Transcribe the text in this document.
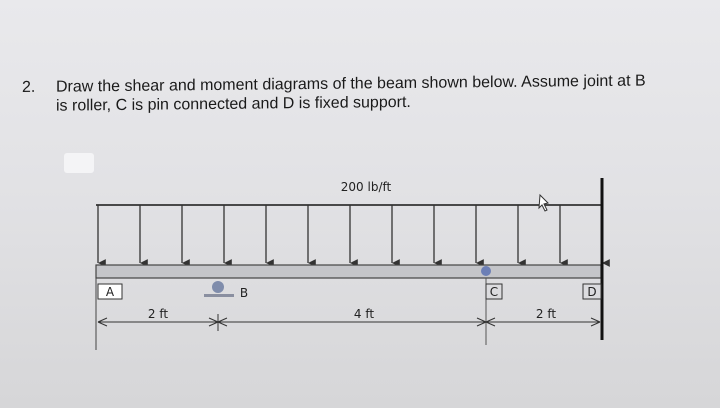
2. Draw the shear and moment diagrams of the beam shown below. Assume joint at B
is roller, C is pin connected and D is fixed support.
200 lb/ft
A	B	C	D
2 ft	4 ft	2 ft
